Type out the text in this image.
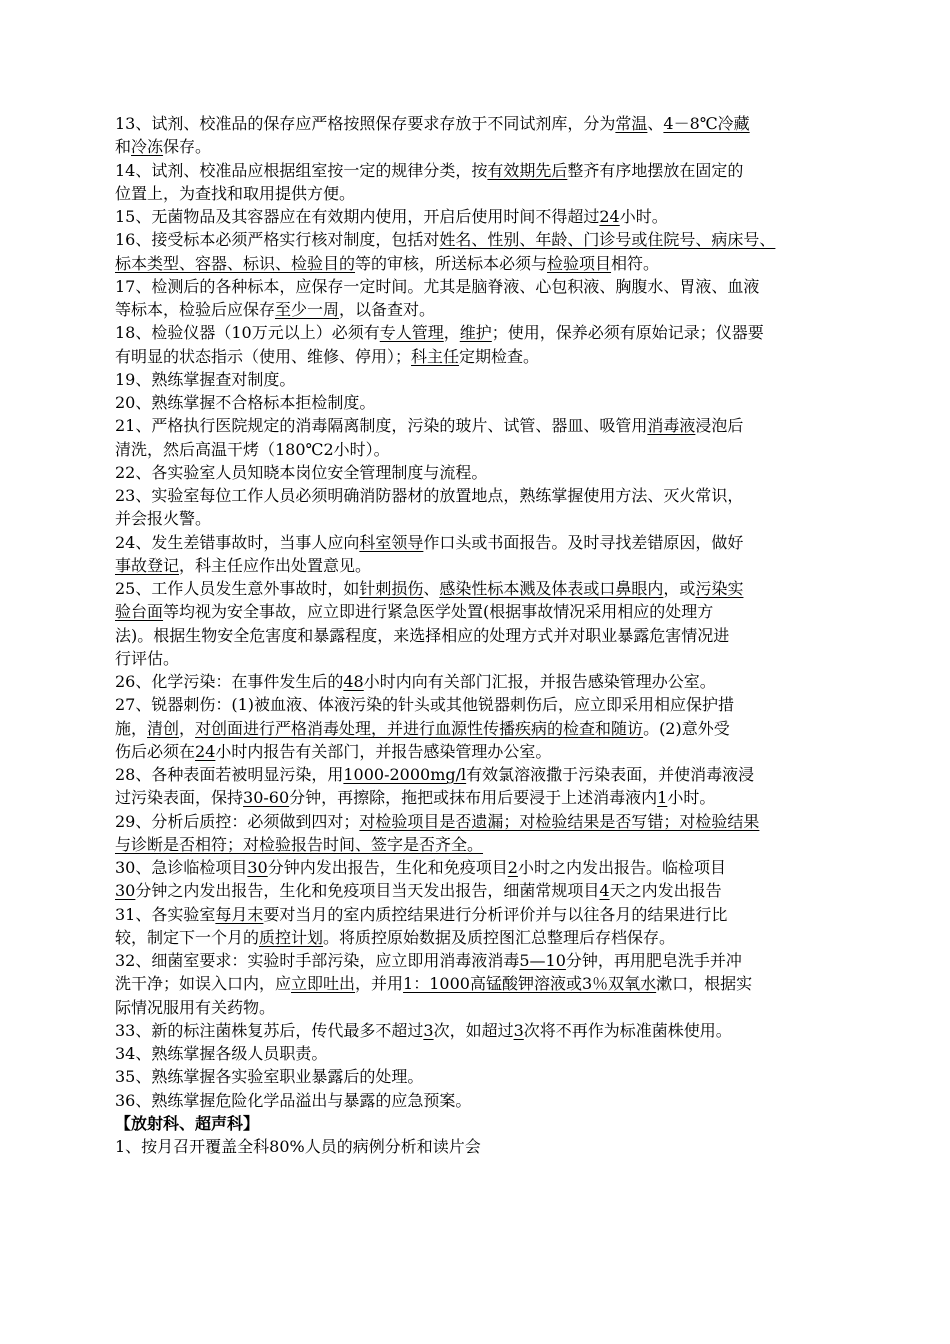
13、试剂、校准品的保存应严格按照保存要求存放于不同试剂库，分为常温、4－8℃冷藏
和冷冻保存。
14、试剂、校准品应根据组室按一定的规律分类，按有效期先后整齐有序地摆放在固定的
位置上，为查找和取用提供方便。
15、无菌物品及其容器应在有效期内使用，开启后使用时间不得超过24小时。
16、接受标本必须严格实行核对制度，包括对姓名、性别、年龄、门诊号或住院号、病床号、
标本类型、容器、标识、检验目的等的审核，所送标本必须与检验项目相符。
17、检测后的各种标本，应保存一定时间。尤其是脑脊液、心包积液、胸腹水、胃液、血液
等标本，检验后应保存至少一周，以备查对。
18、检验仪器（10万元以上）必须有专人管理，维护；使用，保养必须有原始记录；仪器要
有明显的状态指示（使用、维修、停用）；科主任定期检查。
19、熟练掌握查对制度。
20、熟练掌握不合格标本拒检制度。
21、严格执行医院规定的消毒隔离制度，污染的玻片、试管、器皿、吸管用消毒液浸泡后
清洗，然后高温干烤（180℃2小时）。
22、各实验室人员知晓本岗位安全管理制度与流程。
23、实验室每位工作人员必须明确消防器材的放置地点，熟练掌握使用方法、灭火常识，
并会报火警。
24、发生差错事故时，当事人应向科室领导作口头或书面报告。及时寻找差错原因，做好
事故登记，科主任应作出处置意见。
25、工作人员发生意外事故时，如针刺损伤、感染性标本溅及体表或口鼻眼内，或污染实
验台面等均视为安全事故，应立即进行紧急医学处置(根据事故情况采用相应的处理方
法)。根据生物安全危害度和暴露程度，来选择相应的处理方式并对职业暴露危害情况进
行评估。
26、化学污染：在事件发生后的48小时内向有关部门汇报，并报告感染管理办公室。
27、锐器刺伤：(1)被血液、体液污染的针头或其他锐器刺伤后，应立即采用相应保护措
施，清创，对创面进行严格消毒处理，并进行血源性传播疾病的检查和随访。(2)意外受
伤后必须在24小时内报告有关部门，并报告感染管理办公室。
28、各种表面若被明显污染，用1000-2000mg/l有效氯溶液撒于污染表面，并使消毒液浸
过污染表面，保持30-60分钟，再擦除，拖把或抹布用后要浸于上述消毒液内1小时。
29、分析后质控：必须做到四对；对检验项目是否遗漏；对检验结果是否写错；对检验结果
与诊断是否相符；对检验报告时间、签字是否齐全。
30、急诊临检项目30分钟内发出报告，生化和免疫项目2小时之内发出报告。临检项目
30分钟之内发出报告，生化和免疫项目当天发出报告，细菌常规项目4天之内发出报告
31、各实验室每月末要对当月的室内质控结果进行分析评价并与以往各月的结果进行比
较，制定下一个月的质控计划。将质控原始数据及质控图汇总整理后存档保存。
32、细菌室要求：实验时手部污染，应立即用消毒液消毒5—10分钟，再用肥皂洗手并冲
洗干净；如误入口内，应立即吐出，并用1：1000高锰酸钾溶液或3％双氧水漱口，根据实
际情况服用有关药物。
33、新的标注菌株复苏后，传代最多不超过3次，如超过3次将不再作为标准菌株使用。
34、熟练掌握各级人员职责。
35、熟练掌握各实验室职业暴露后的处理。
36、熟练掌握危险化学品溢出与暴露的应急预案。
【放射科、超声科】
1、按月召开覆盖全科80%人员的病例分析和读片会
